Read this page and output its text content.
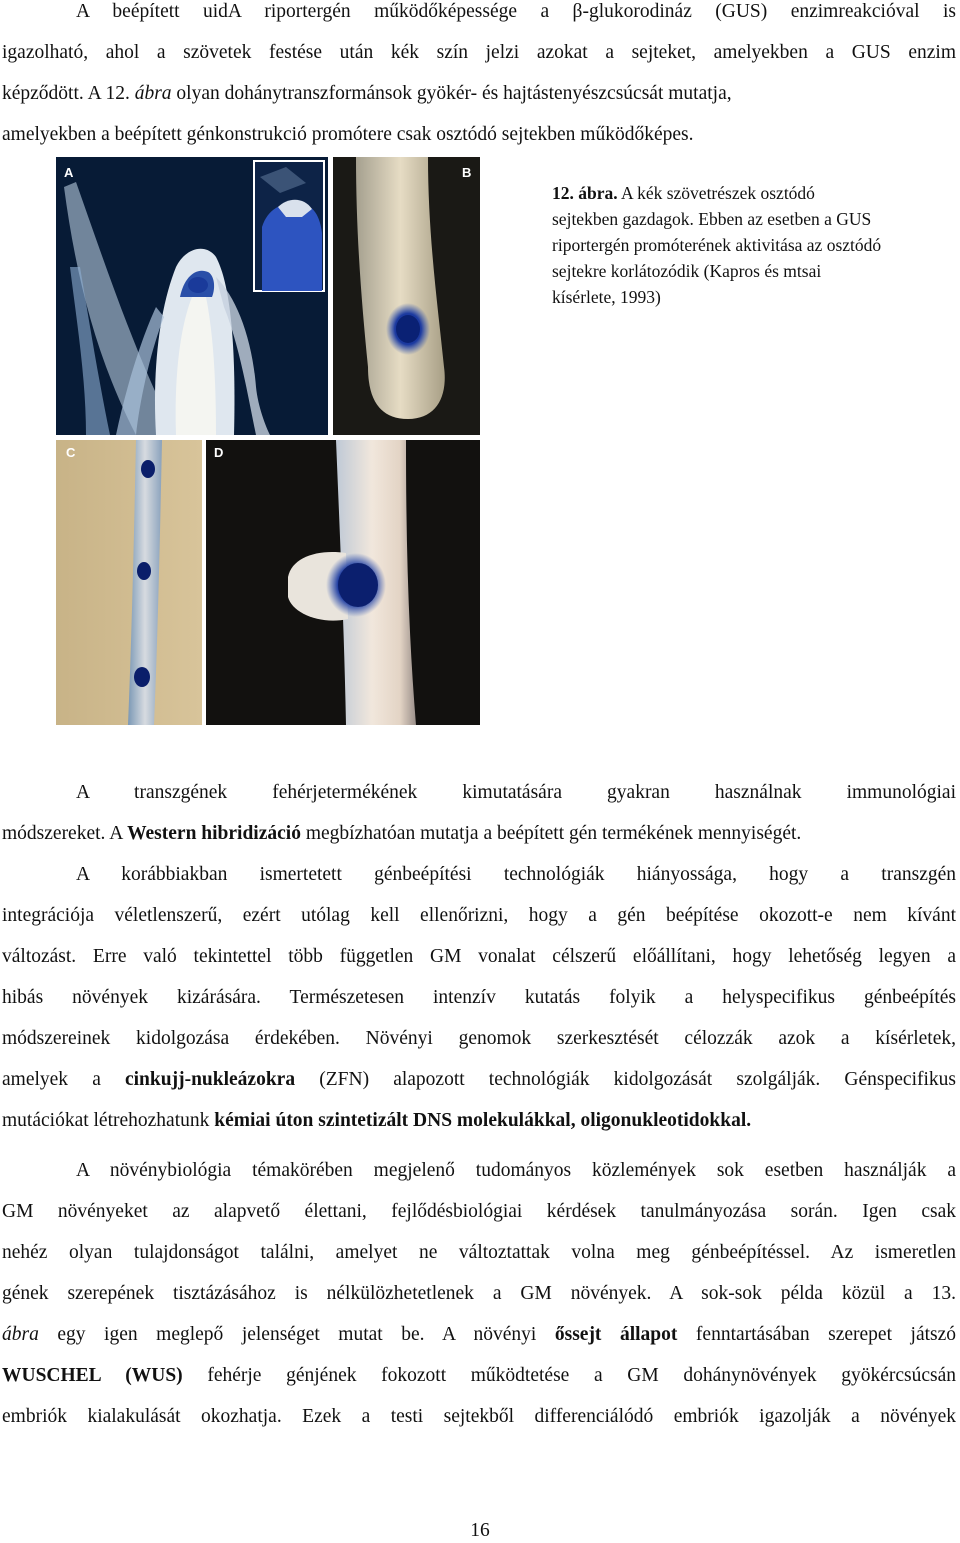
A beépített uidA riportergén működőképessége a β-glukorodináz (GUS) enzimreakcióval is
igazolható, ahol a szövetek festése után kék szín jelzi azokat a sejteket, amelyekben a GUS enzim
képződött. A 12. ábra olyan dohánytranszformánsok gyökér- és hajtástenyészcsúcsát mutatja,
amelyekben a beépített génkonstrukció promótere csak osztódó sejtekben működőképes.
A	B
C	D
12. ábra. A kék szövetrészek osztódó
sejtekben gazdagok. Ebben az esetben a GUS
riportergén promóterének aktivitása az osztódó
sejtekre korlátozódik (Kapros és mtsai
kísérlete, 1993)
A transzgének fehérjetermékének kimutatására gyakran használnak immunológiai
módszereket. A Western hibridizáció megbízhatóan mutatja a beépített gén termékének mennyiségét.
A korábbiakban ismertetett génbeépítési technológiák hiányossága, hogy a transzgén
integrációja véletlenszerű, ezért utólag kell ellenőrizni, hogy a gén beépítése okozott-e nem kívánt
változást. Erre való tekintettel több független GM vonalat célszerű előállítani, hogy lehetőség legyen a
hibás növények kizárására. Természetesen intenzív kutatás folyik a helyspecifikus génbeépítés
módszereinek kidolgozása érdekében. Növényi genomok szerkesztését célozzák azok a kísérletek,
amelyek a cinkujj-nukleázokra (ZFN) alapozott technológiák kidolgozását szolgálják. Génspecifikus
mutációkat létrehozhatunk kémiai úton szintetizált DNS molekulákkal, oligonukleotidokkal.
A növénybiológia témakörében megjelenő tudományos közlemények sok esetben használják a
GM növényeket az alapvető élettani, fejlődésbiológiai kérdések tanulmányozása során. Igen csak
nehéz olyan tulajdonságot találni, amelyet ne változtattak volna meg génbeépítéssel. Az ismeretlen
gének szerepének tisztázásához is nélkülözhetetlenek a GM növények. A sok-sok példa közül a 13.
ábra egy igen meglepő jelenséget mutat be. A növényi őssejt állapot fenntartásában szerepet játszó
WUSCHEL (WUS) fehérje génjének fokozott működtetése a GM dohánynövények gyökércsúcsán
embriók kialakulását okozhatja. Ezek a testi sejtekből differenciálódó embriók igazolják a növények
16
